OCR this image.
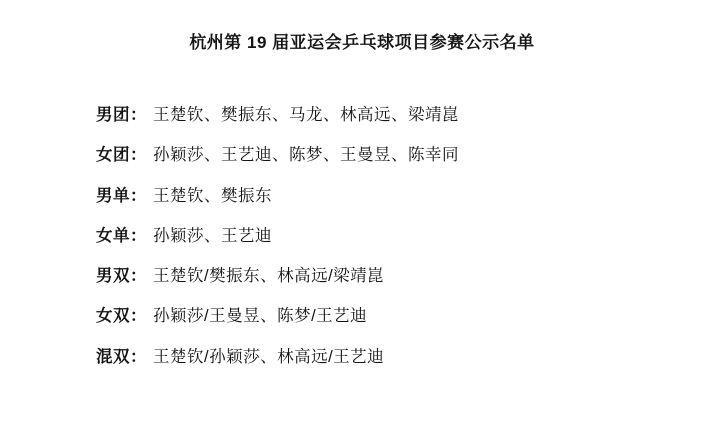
杭州第 19 届亚运会乒乓球项目参赛公示名单
男团： 王楚钦、樊振东、马龙、林高远、梁靖崑
女团： 孙颖莎、王艺迪、陈梦、王曼昱、陈幸同
男单： 王楚钦、樊振东
女单： 孙颖莎、王艺迪
男双： 王楚钦/樊振东、林高远/梁靖崑
女双： 孙颖莎/王曼昱、陈梦/王艺迪
混双： 王楚钦/孙颖莎、林高远/王艺迪
